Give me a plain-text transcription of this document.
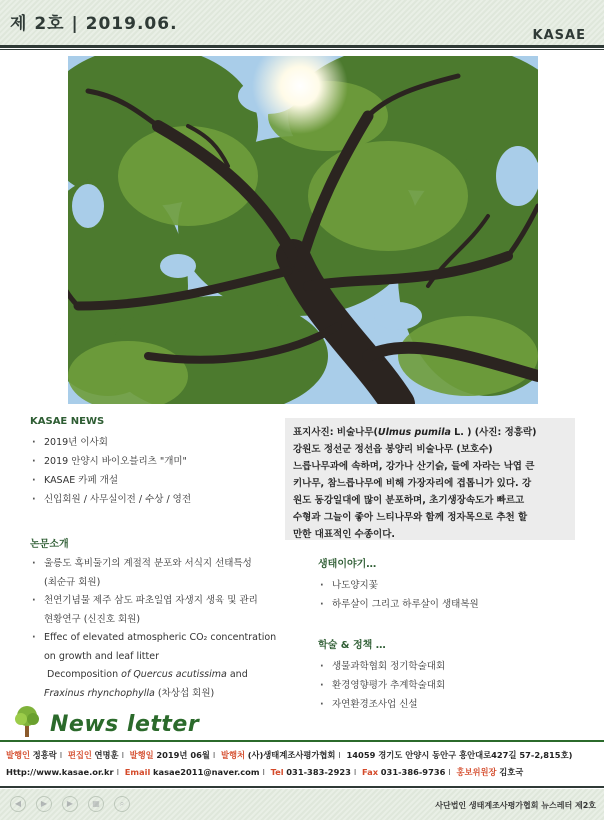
제 2호 | 2019.06.
KASAE
KASAE NEWS
· 2019년 이사회
· 2019 안양시 바이오블리츠 "개미"
· KASAE 카페 개설
· 신입회원 / 사무실이전 / 수상 / 영전
논문소개
· 울릉도 흑비둘기의 계절적 분포와 서식지 선태특성
(최순규 회원)
· 천연기념물 제주 삼도 파초일엽 자생지 생육 및 관리
현황연구 (신진호 회원)
· Effec of elevated atmospheric CO₂ concentration
on growth and leaf litter
Decomposition of Quercus acutissima and
Fraxinus rhynchophylla (차상섭 회원)

표지사진: 비술나무(Ulmus pumila L. ) (사진: 정흥락)

강원도 정선군 정선읍 봉양리 비술나무 (보호수)

느릅나무과에 속하며, 강가나 산기슭, 들에 자라는 낙엽 큰

키나무, 참느릅나무에 비해 가장자리에 겹톱니가 있다. 강

원도 동강일대에 많이 분포하며, 초기생장속도가 빠르고

수형과 그늘이 좋아 느티나무와 함께 정자목으로 추천 할

만한 대표적인 수종이다.

생태이야기…
· 나도양지꽃
· 하루살이 그리고 하루살이 생태복원
학술 & 정책 …
· 생물과학협회 정기학술대회
· 환경영향평가 추계학술대회
· 자연환경조사업 신설
News letter
발행인 정흥락 I 편집인 연명훈 I 발행일 2019년 06월 I 발행처 (사)생태계조사평가협회 I 14059 경기도 안양시 동안구 흥안대로427길 57-2,815호)
Http://www.kasae.or.kr I Email kasae2011@naver.com I Tel 031-383-2923 I Fax 031-386-9736 I 홍보위원장 김호국
◀	▶	▶	▦	⌕	사단법인 생태계조사평가협회 뉴스레터 제2호
